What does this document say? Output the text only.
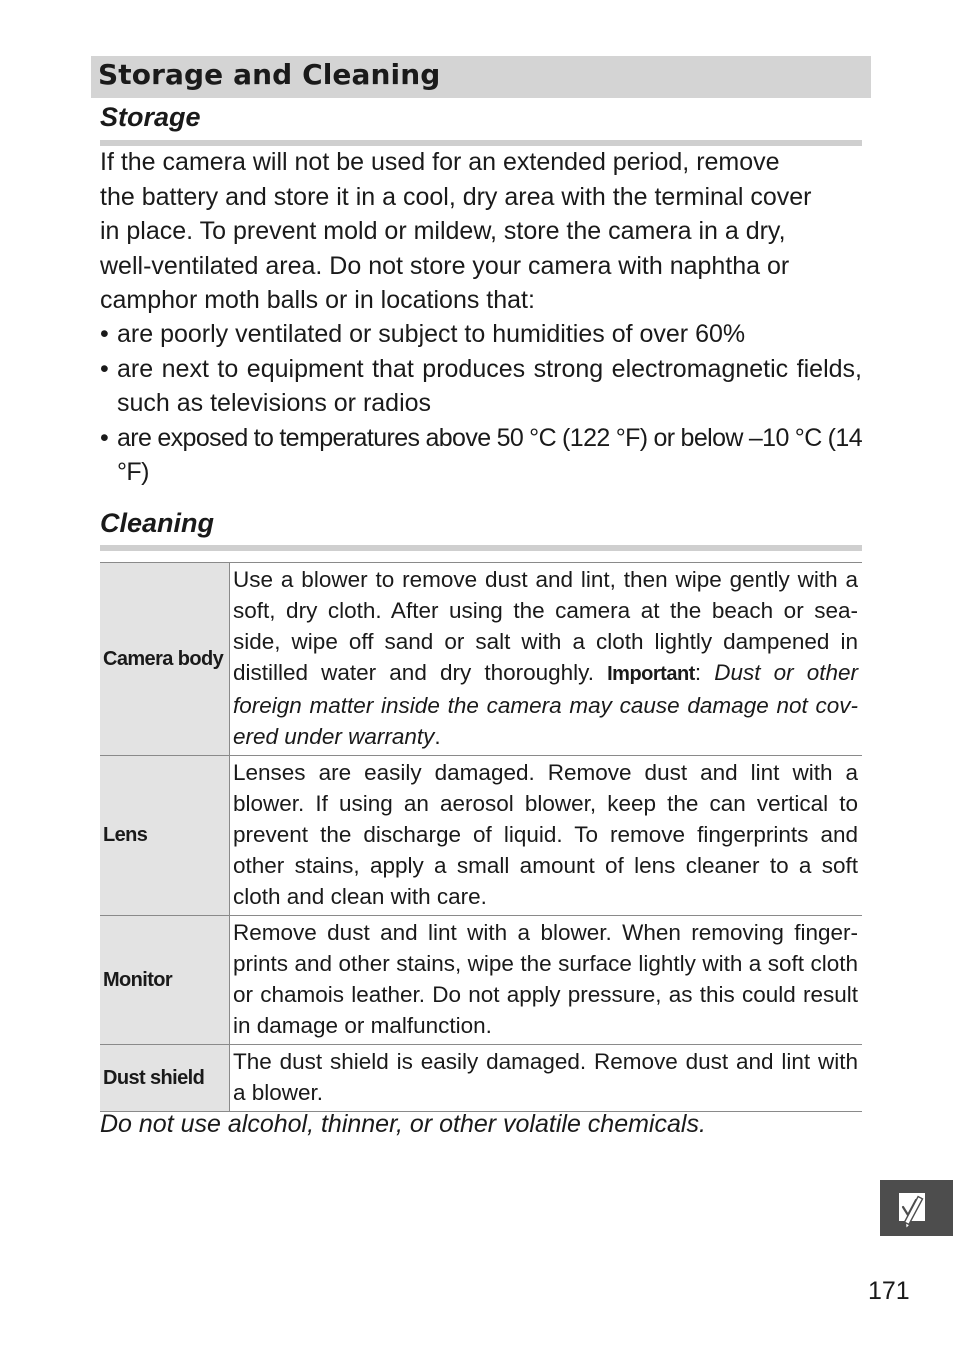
Storage and Cleaning
Storage

If the camera will not be used for an extended period, remove

the battery and store it in a cool, dry area with the terminal cover

in place. To prevent mold or mildew, store the camera in a dry,

well-ventilated area. Do not store your camera with naphtha or

camphor moth balls or in locations that:

• are poorly ventilated or subject to humidities of over 60%
• are next to equipment that produces strong electromagnetic fields, such as televisions or radios
• are exposed to temperatures above 50 °C (122 °F) or below –10 °C (14 °F)
Cleaning
Camera body	Use a blower to remove dust and lint, then wipe gently with a soft, dry cloth. After using the camera at the beach or sea-side, wipe off sand or salt with a cloth lightly dampened in distilled water and dry thoroughly. Important: Dust or other foreign matter inside the camera may cause damage not cov-ered under warranty.
Lens	Lenses are easily damaged. Remove dust and lint with a blower. If using an aerosol blower, keep the can vertical to prevent the discharge of liquid. To remove fingerprints and other stains, apply a small amount of lens cleaner to a soft cloth and clean with care.
Monitor	Remove dust and lint with a blower. When removing finger-prints and other stains, wipe the surface lightly with a soft cloth or chamois leather. Do not apply pressure, as this could result in damage or malfunction.
Dust shield	The dust shield is easily damaged. Remove dust and lint with a blower.

Do not use alcohol, thinner, or other volatile chemicals.

171
